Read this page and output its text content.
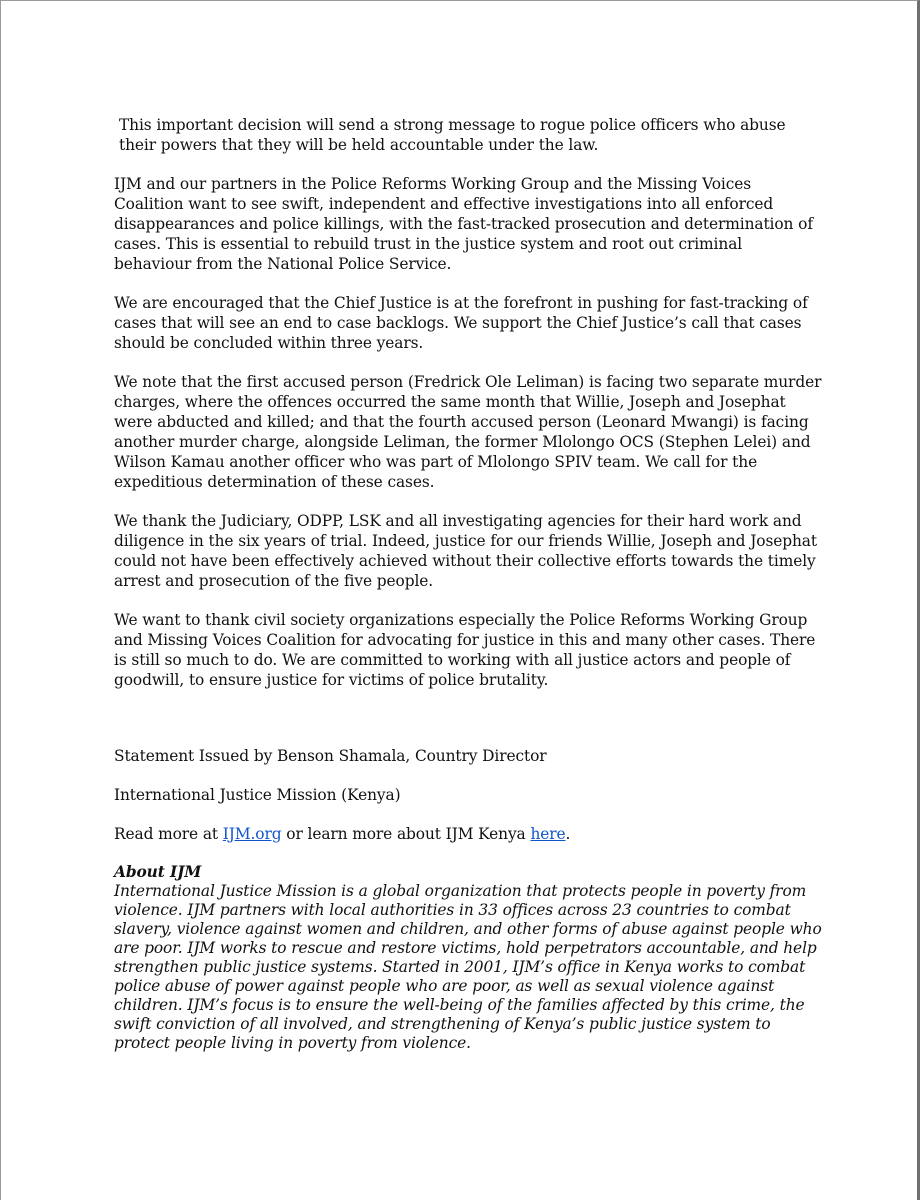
This important decision will send a strong message to rogue police officers who abuse their powers that they will be held accountable under the law.

IJM and our partners in the Police Reforms Working Group and the Missing Voices Coalition want to see swift, independent and effective investigations into all enforced disappearances and police killings, with the fast-tracked prosecution and determination of cases. This is essential to rebuild trust in the justice system and root out criminal behaviour from the National Police Service.

We are encouraged that the Chief Justice is at the forefront in pushing for fast-tracking of cases that will see an end to case backlogs. We support the Chief Justice’s call that cases should be concluded within three years.

We note that the first accused person (Fredrick Ole Leliman) is facing two separate murder charges, where the offences occurred the same month that Willie, Joseph and Josephat were abducted and killed; and that the fourth accused person (Leonard Mwangi) is facing another murder charge, alongside Leliman, the former Mlolongo OCS (Stephen Lelei) and Wilson Kamau another officer who was part of Mlolongo SPIV team. We call for the expeditious determination of these cases.

We thank the Judiciary, ODPP, LSK and all investigating agencies for their hard work and diligence in the six years of trial. Indeed, justice for our friends Willie, Joseph and Josephat could not have been effectively achieved without their collective efforts towards the timely arrest and prosecution of the five people.

We want to thank civil society organizations especially the Police Reforms Working Group and Missing Voices Coalition for advocating for justice in this and many other cases. There is still so much to do. We are committed to working with all justice actors and people of goodwill, to ensure justice for victims of police brutality.

Statement Issued by Benson Shamala, Country Director

International Justice Mission (Kenya)

Read more at IJM.org or learn more about IJM Kenya here.

About IJM
International Justice Mission is a global organization that protects people in poverty from violence. IJM partners with local authorities in 33 offices across 23 countries to combat slavery, violence against women and children, and other forms of abuse against people who are poor. IJM works to rescue and restore victims, hold perpetrators accountable, and help strengthen public justice systems. Started in 2001, IJM’s office in Kenya works to combat police abuse of power against people who are poor, as well as sexual violence against children. IJM’s focus is to ensure the well-being of the families affected by this crime, the swift conviction of all involved, and strengthening of Kenya’s public justice system to protect people living in poverty from violence.
